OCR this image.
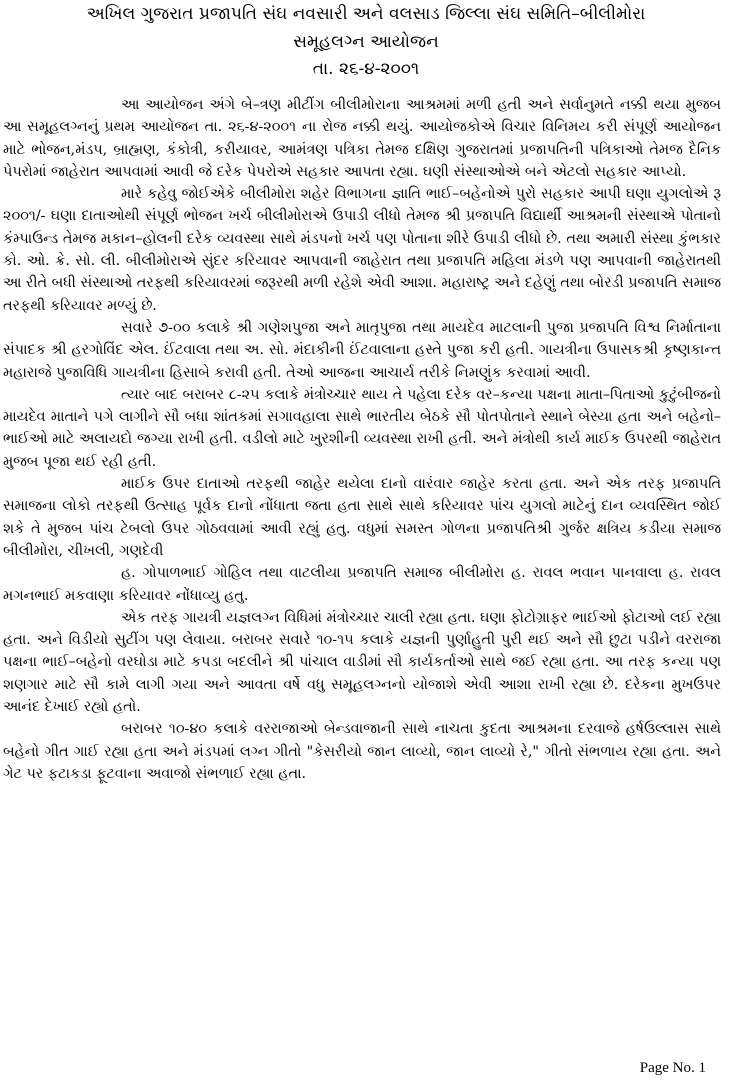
અખિલ ગુજરાત પ્રજાપતિ સંઘ નવસારી અને વલસાડ જિલ્લા સંઘ સમિતિ–બીલીમોરા
સમૂહલગ્ન આયોજન
તા. ૨૬-૪-૨૦૦૧

આ આયોજન અંગે બે–ત્રણ મીટીંગ બીલીમોરાના આશ્રમમાં મળી હતી અને સર્વાનુમતે નક્કી થયા મુજબ આ સમૂહલગ્નનું પ્રથમ આયોજન તા. ૨૬-૪-૨૦૦૧ ના રોજ નક્કી થયું. આયોજકોએ વિચાર વિનિમય કરી સંપૂર્ણ આયોજન માટે ભોજન,મંડપ, બ્રાહ્મણ, કંકોત્રી, કરીયાવર, આમંત્રણ પત્રિકા તેમજ દક્ષિણ ગુજરાતમાં પ્રજાપતિની પત્રિકાઓ તેમજ દૈનિક પેપરોમાં જાહેરાત આપવામાં આવી જે દરેક પેપરોએ સહકાર આપતા રહ્યા. ઘણી સંસ્થાઓએ બને એટલો સહકાર આપ્યો.

મારે કહેવુ જોઈએકે બીલીમોરા શહેર વિભાગના જ્ઞાતિ ભાઈ–બહેનોએ પુરો સહકાર આપી ઘણા યુગલોએ રૂ ૨૦૦૧/- ઘણા દાતાઓથી સંપૂર્ણ ભોજન ખર્ચ બીલીમોરાએ ઉપાડી લીધો તેમજ શ્રી પ્રજાપતિ વિદ્યાર્થી આશ્રમની સંસ્થાએ પોતાનો કંમ્પાઉન્ડ તેમજ મકાન–હોલની દરેક વ્યવસ્થા સાથે મંડપનો ખર્ચ પણ પોતાના શીરે ઉપાડી લીધો છે. તથા અમારી સંસ્થા કુંભકાર કો. ઓ. ક્રે. સો. લી. બીલીમોરાએ સુંદર કરિયાવર આપવાની જાહેરાત તથા પ્રજાપતિ મહિલા મંડળે પણ આપવાની જાહેરાતથી આ રીતે બધી સંસ્થાઓ તરફથી કરિયાવરમાં જરૂરથી મળી રહેશે એવી આશા. મહારાષ્ટ્ર અને દહેણું તથા બોરડી પ્રજાપતિ સમાજ તરફથી કરિયાવર મળ્યું છે.

સવારે ૭-૦૦ કલાકે શ્રી ગણેશપુજા અને માતૃપુજા તથા માયદેવ માટલાની પુજા પ્રજાપતિ વિશ્વ નિર્માતાના સંપાદક શ્રી હરગોવિંદ એલ. ઈંટવાલા તથા અ. સો. મંદાકીની ઈંટવાલાના હસ્તે પુજા કરી હતી. ગાયત્રીના ઉપાસકશ્રી કૃષ્ણકાન્ત મહારાજે પુજાવિધિ ગાયત્રીના હિસાબે કરાવી હતી. તેઓ આજના આચાર્ય તરીકે નિમણુંક કરવામાં આવી.

ત્યાર બાદ બરાબર ૮-૨૫ કલાકે મંત્રોચ્ચાર થાય તે પહેલા દરેક વર–કન્યા પક્ષના માતા–પિતાઓ કુટુંબીજનો માયદેવ માતાને પગે લાગીને સૌ બધા શાંતકમાં સગાવહાલા સાથે ભારતીય બેઠકે સૌ પોતપોતાને સ્થાને બેસ્યા હતા અને બહેનો–ભાઈઓ માટે અલાયદો જગ્યા રાખી હતી. વડીલો માટે ખુરશીની વ્યવસ્થા રાખી હતી. અને મંત્રોથી કાર્ય માઈક ઉપરથી જાહેરાત મુજબ પૂજા થઈ રહી હતી.

માઈક ઉપર દાતાઓ તરફથી જાહેર થયેલા દાનો વારંવાર જાહેર કરતા હતા. અને એક તરફ પ્રજાપતિ સમાજના લોકો તરફથી ઉત્સાહ પૂર્વક દાનો નોંધાતા જતા હતા સાથે સાથે કરિયાવર પાંચ યુગલો માટેનું દાન વ્યવસ્થિત જોઈ શકે તે મુજબ પાંચ ટેબલો ઉપર ગોઠવવામાં આવી રહ્યું હતુ. વધુમાં સમસ્ત ગોળના પ્રજાપતિશ્રી ગુર્જર ક્ષત્રિય કડીયા સમાજ બીલીમોરા, ચીખલી, ગણદેવી

હ. ગોપાળભાઈ ગોહિલ તથા વાટલીયા પ્રજાપતિ સમાજ બીલીમોરા હ. રાવલ ભવાન પાનવાલા હ. રાવલ મગનભાઈ મકવાણા કરિયાવર નોંધાવ્યુ હતુ.

એક તરફ ગાયત્રી યજ્ઞલગ્ન વિધિમાં મંત્રોચ્ચાર ચાલી રહ્યા હતા. ઘણા ફોટોગ્રાફર ભાઈઓ ફોટાઓ લઈ રહ્યા હતા. અને વિડીયો સુટીંગ પણ લેવાયા. બરાબર સવારે ૧૦-૧૫ કલાકે યજ્ઞની પુર્ણાહુતી પુરી થઈ અને સૌ છુટા પડીને વરરાજા પક્ષના ભાઈ–બહેનો વરઘોડા માટે કપડા બદલીને શ્રી પાંચાલ વાડીમાં સૌ કાર્યકર્તાઓ સાથે જઈ રહ્યા હતા. આ તરફ કન્યા પણ શણગાર માટે સૌ કામે લાગી ગયા અને આવતા વર્ષે વધુ સમૂહલગ્નનો યોજાશે એવી આશા રાખી રહ્યા છે. દરેકના મુખઉપર આનંદ દેખાઈ રહ્યો હતો.

બરાબર ૧૦-૪૦ કલાકે વરરાજાઓ બેન્ડવાજાની સાથે નાચતા કુદતા આશ્રમના દરવાજે હર્ષઉલ્લાસ સાથે બહેનો ગીત ગાઈ રહ્યા હતા અને મંડપમાં લગ્ન ગીતો "કેસરીયો જાન લાવ્યો, જાન લાવ્યો રે," ગીતો સંભળાય રહ્યા હતા. અને ગેટ પર ફટાકડા ફૂટવાના અવાજો સંભળાઈ રહ્યા હતા.

Page No. 1
